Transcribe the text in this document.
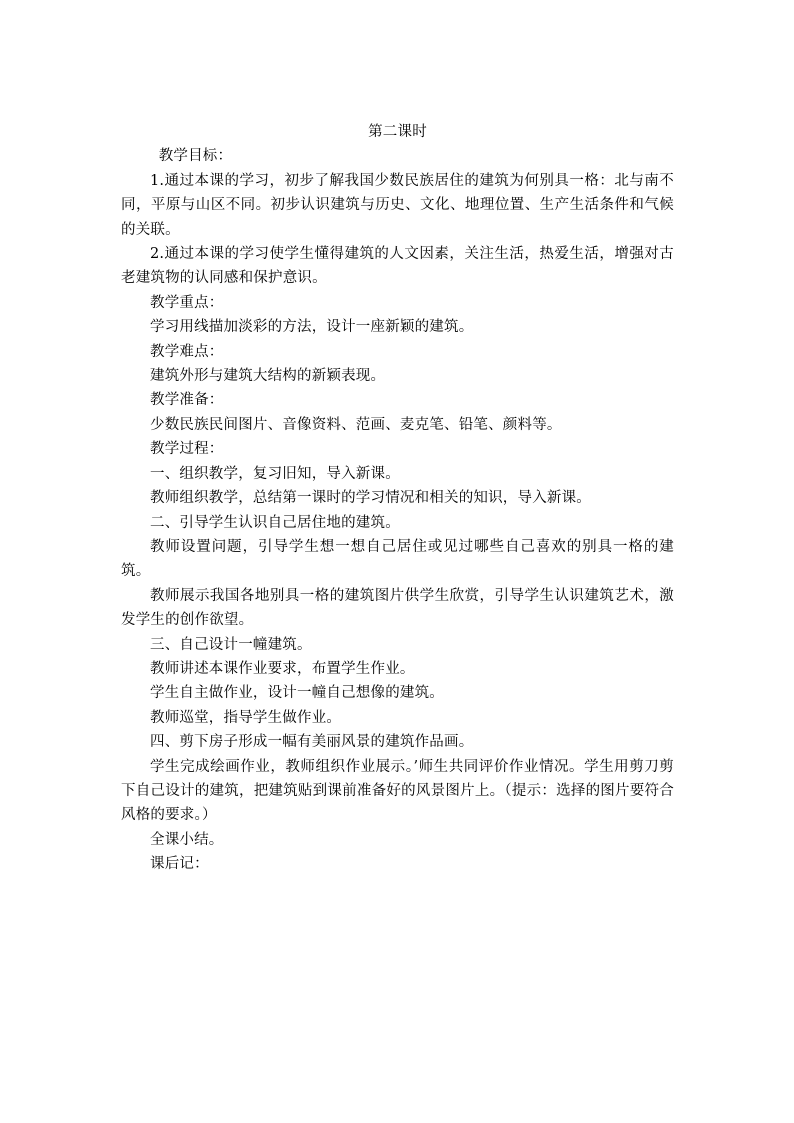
第二课时

教学目标：

1.通过本课的学习，初步了解我国少数民族居住的建筑为何别具一格：北与南不同，平原与山区不同。初步认识建筑与历史、文化、地理位置、生产生活条件和气候的关联。

2.通过本课的学习使学生懂得建筑的人文因素，关注生活，热爱生活，增强对古老建筑物的认同感和保护意识。

教学重点：

学习用线描加淡彩的方法，设计一座新颖的建筑。

教学难点：

建筑外形与建筑大结构的新颖表现。

教学准备：

少数民族民间图片、音像资料、范画、麦克笔、铅笔、颜料等。

教学过程：

一、组织教学，复习旧知，导入新课。

教师组织教学，总结第一课时的学习情况和相关的知识，导入新课。

二、引导学生认识自己居住地的建筑。

教师设置问题，引导学生想一想自己居住或见过哪些自己喜欢的别具一格的建筑。

教师展示我国各地别具一格的建筑图片供学生欣赏，引导学生认识建筑艺术，激发学生的创作欲望。

三、自己设计一幢建筑。

教师讲述本课作业要求，布置学生作业。

学生自主做作业，设计一幢自己想像的建筑。

教师巡堂，指导学生做作业。

四、剪下房子形成一幅有美丽风景的建筑作品画。

学生完成绘画作业，教师组织作业展示。’师生共同评价作业情况。学生用剪刀剪下自己设计的建筑，把建筑贴到课前准备好的风景图片上。（提示：选择的图片要符合风格的要求。）

全课小结。

课后记：
